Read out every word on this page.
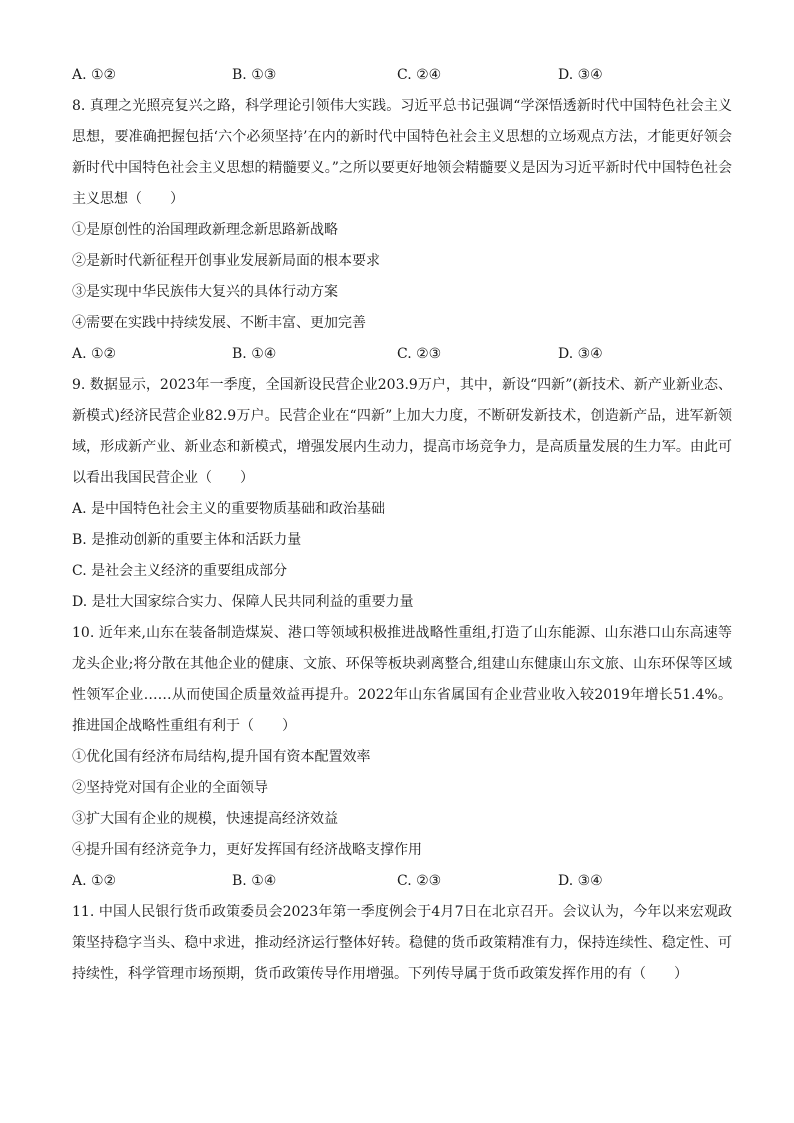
A. ①②	B. ①③	C. ②④	D. ③④
8. 真理之光照亮复兴之路，科学理论引领伟大实践。习近平总书记强调“学深悟透新时代中国特色社会主义思想，要准确把握包括‘六个必须坚持’在内的新时代中国特色社会主义思想的立场观点方法，才能更好领会新时代中国特色社会主义思想的精髓要义。”之所以要更好地领会精髓要义是因为习近平新时代中国特色社会主义思想（　　）
①是原创性的治国理政新理念新思路新战略
②是新时代新征程开创事业发展新局面的根本要求
③是实现中华民族伟大复兴的具体行动方案
④需要在实践中持续发展、不断丰富、更加完善
A. ①②	B. ①④	C. ②③	D. ③④
9. 数据显示，2023年一季度，全国新设民营企业203.9万户，其中，新设“四新”(新技术、新产业新业态、新模式)经济民营企业82.9万户。民营企业在“四新”上加大力度，不断研发新技术，创造新产品，进军新领域，形成新产业、新业态和新模式，增强发展内生动力，提高市场竞争力，是高质量发展的生力军。由此可以看出我国民营企业（　　）
A. 是中国特色社会主义的重要物质基础和政治基础
B. 是推动创新的重要主体和活跃力量
C. 是社会主义经济的重要组成部分
D. 是壮大国家综合实力、保障人民共同利益的重要力量
10. 近年来,山东在装备制造煤炭、港口等领域积极推进战略性重组,打造了山东能源、山东港口山东高速等龙头企业;将分散在其他企业的健康、文旅、环保等板块剥离整合,组建山东健康山东文旅、山东环保等区域性领军企业……从而使国企质量效益再提升。2022年山东省属国有企业营业收入较2019年增长51.4%。推进国企战略性重组有利于（　　）
①优化国有经济布局结构,提升国有资本配置效率
②坚持党对国有企业的全面领导
③扩大国有企业的规模，快速提高经济效益
④提升国有经济竞争力，更好发挥国有经济战略支撑作用
A. ①②	B. ①④	C. ②③	D. ③④
11. 中国人民银行货币政策委员会2023年第一季度例会于4月7日在北京召开。会议认为，今年以来宏观政策坚持稳字当头、稳中求进，推动经济运行整体好转。稳健的货币政策精准有力，保持连续性、稳定性、可持续性，科学管理市场预期，货币政策传导作用增强。下列传导属于货币政策发挥作用的有（　　）
